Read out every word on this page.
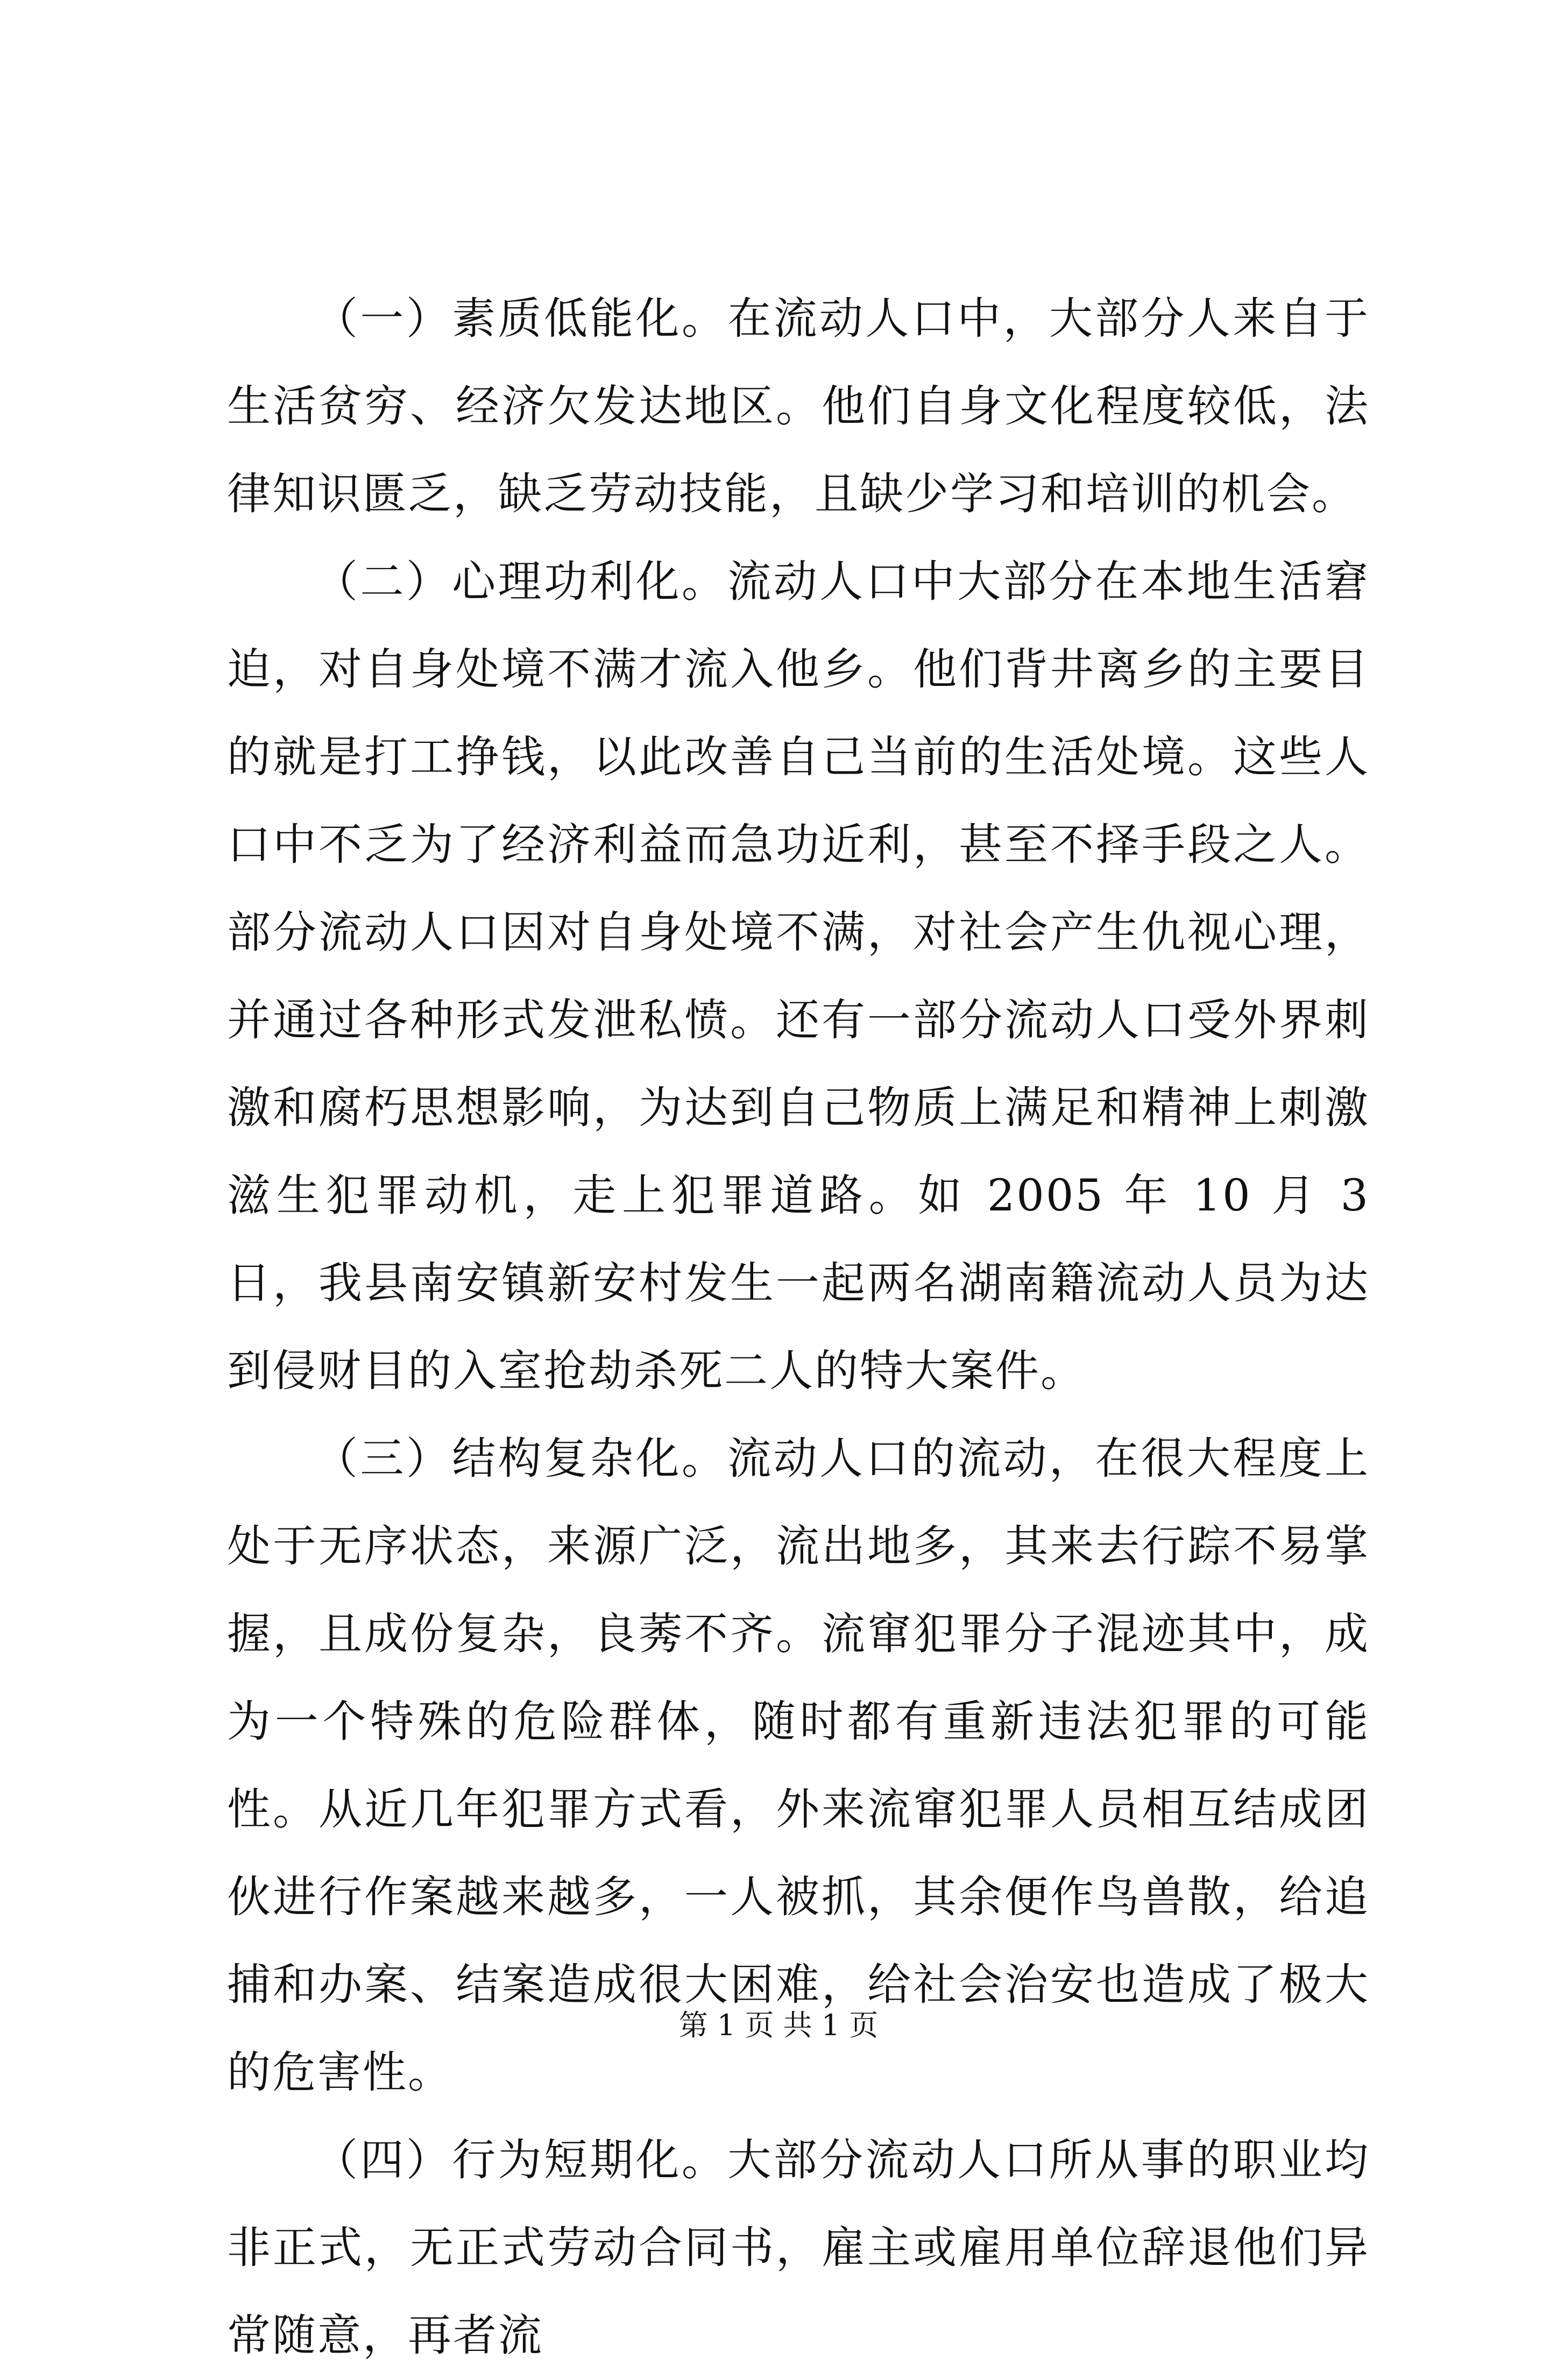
（一）素质低能化。在流动人口中，大部分人来自于生活贫穷、经济欠发达地区。他们自身文化程度较低，法律知识匮乏，缺乏劳动技能，且缺少学习和培训的机会。

（二）心理功利化。流动人口中大部分在本地生活窘迫，对自身处境不满才流入他乡。他们背井离乡的主要目的就是打工挣钱，以此改善自己当前的生活处境。这些人口中不乏为了经济利益而急功近利，甚至不择手段之人。部分流动人口因对自身处境不满，对社会产生仇视心理，并通过各种形式发泄私愤。还有一部分流动人口受外界刺激和腐朽思想影响，为达到自己物质上满足和精神上刺激滋生犯罪动机，走上犯罪道路。如 2005 年 10 月 3 日，我县南安镇新安村发生一起两名湖南籍流动人员为达到侵财目的入室抢劫杀死二人的特大案件。

（三）结构复杂化。流动人口的流动，在很大程度上处于无序状态，来源广泛，流出地多，其来去行踪不易掌握，且成份复杂，良莠不齐。流窜犯罪分子混迹其中，成为一个特殊的危险群体，随时都有重新违法犯罪的可能性。从近几年犯罪方式看，外来流窜犯罪人员相互结成团伙进行作案越来越多，一人被抓，其余便作鸟兽散，给追捕和办案、结案造成很大困难，给社会治安也造成了极大的危害性。

（四）行为短期化。大部分流动人口所从事的职业均非正式，无正式劳动合同书，雇主或雇用单位辞退他们异常随意，再者流

第 1 页 共 1 页
